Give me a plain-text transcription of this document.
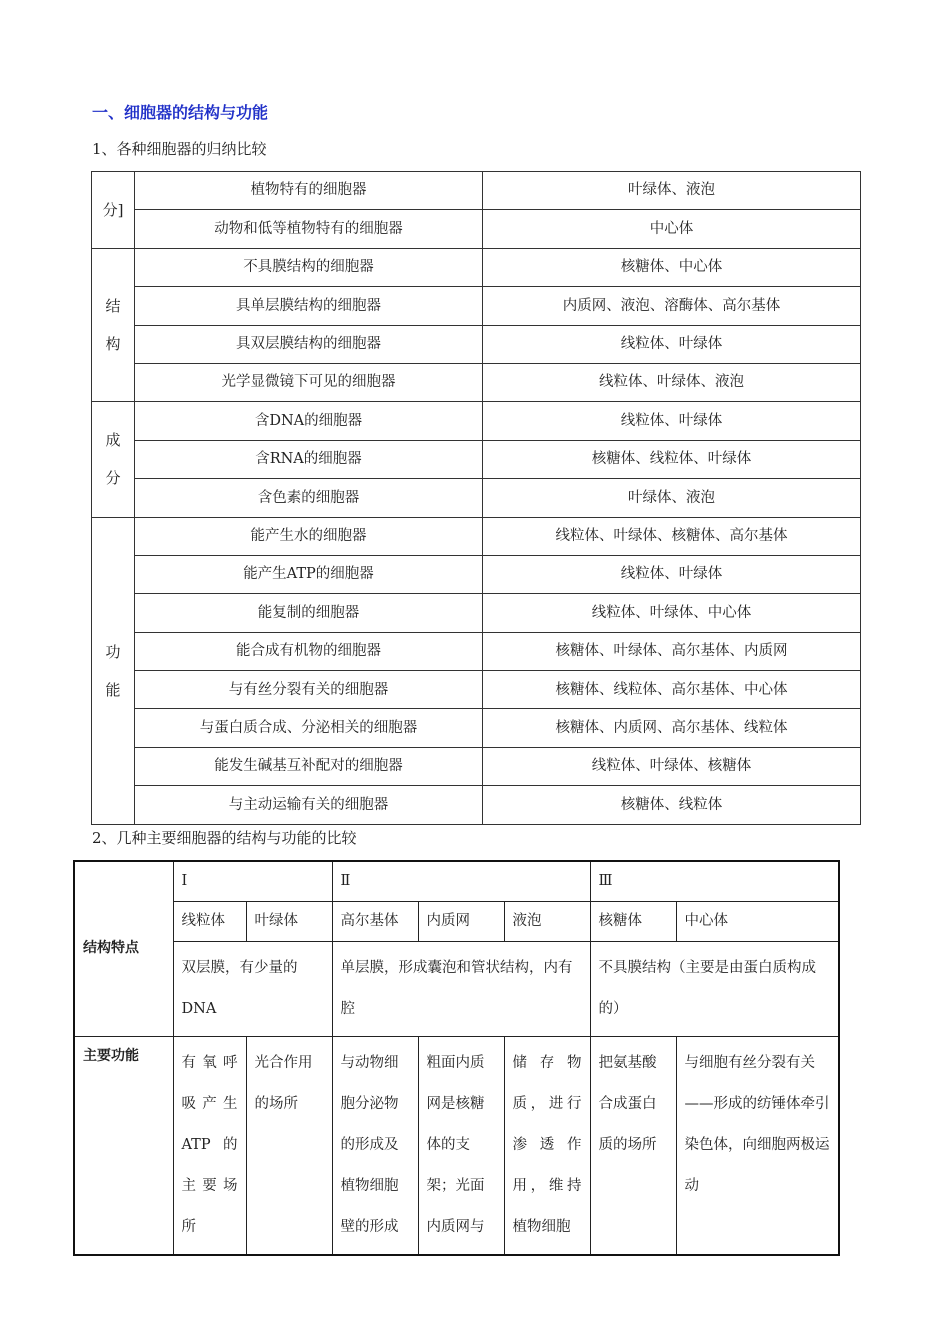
一、细胞器的结构与功能
1、各种细胞器的归纳比较
分]	植物特有的细胞器	叶绿体、液泡
	动物和低等植物特有的细胞器	中心体

结
构	不具膜结构的细胞器	核糖体、中心体
	具单层膜结构的细胞器	内质网、液泡、溶酶体、高尔基体
	具双层膜结构的细胞器	线粒体、叶绿体
	光学显微镜下可见的细胞器	线粒体、叶绿体、液泡

成
分	含DNA的细胞器	线粒体、叶绿体
	含RNA的细胞器	核糖体、线粒体、叶绿体
	含色素的细胞器	叶绿体、液泡

功
能	能产生水的细胞器	线粒体、叶绿体、核糖体、高尔基体
	能产生ATP的细胞器	线粒体、叶绿体
	能复制的细胞器	线粒体、叶绿体、中心体
	能合成有机物的细胞器	核糖体、叶绿体、高尔基体、内质网
	与有丝分裂有关的细胞器	核糖体、线粒体、高尔基体、中心体
	与蛋白质合成、分泌相关的细胞器	核糖体、内质网、高尔基体、线粒体
	能发生碱基互补配对的细胞器	线粒体、叶绿体、核糖体
	与主动运输有关的细胞器	核糖体、线粒体
2、几种主要细胞器的结构与功能的比较
结构特点	Ⅰ		Ⅱ			Ⅲ	
	线粒体	叶绿体	高尔基体	内质网	液泡	核糖体	中心体
	双层膜，有少量的DNA		单层膜，形成囊泡和管状结构，内有腔			不具膜结构（主要是由蛋白质构成的）	
主要功能	有氧呼吸产生ATP的主要场所	光合作用的场所	与动物细胞分泌物的形成及植物细胞壁的形成	粗面内质网是核糖体的支架；光面内质网与	储存物质，进行渗透作用，维持植物细胞	把氨基酸合成蛋白质的场所	与细胞有丝分裂有关——形成的纺锤体牵引染色体，向细胞两极运动
